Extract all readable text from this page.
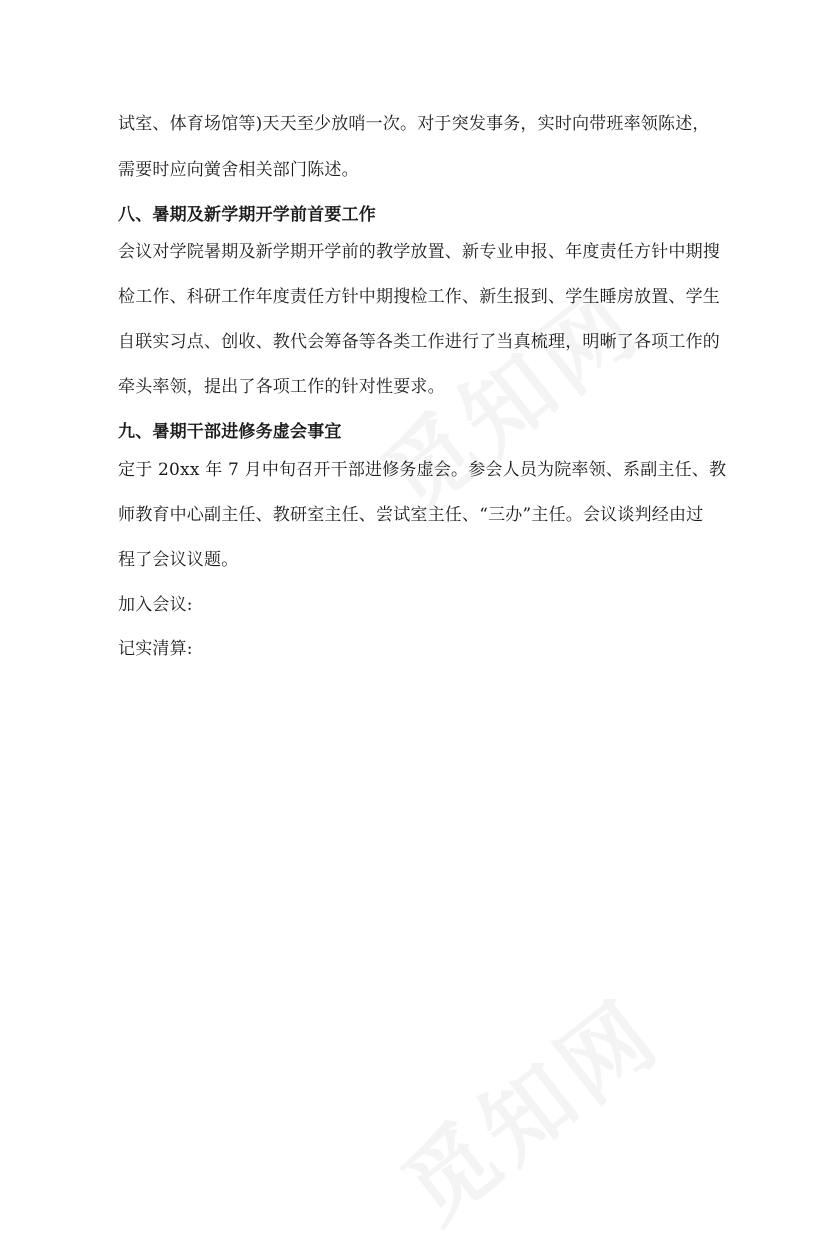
试室、体育场馆等)天天至少放哨一次。对于突发事务，实时向带班率领陈述，
需要时应向黉舍相关部门陈述。
八、暑期及新学期开学前首要工作
会议对学院暑期及新学期开学前的教学放置、新专业申报、年度责任方针中期搜
检工作、科研工作年度责任方针中期搜检工作、新生报到、学生睡房放置、学生
自联实习点、创收、教代会筹备等各类工作进行了当真梳理，明晰了各项工作的
牵头率领，提出了各项工作的针对性要求。
九、暑期干部进修务虚会事宜
定于 20xx 年 7 月中旬召开干部进修务虚会。参会人员为院率领、系副主任、教
师教育中心副主任、教研室主任、尝试室主任、“三办”主任。会议谈判经由过
程了会议议题。
加入会议:
记实清算:
